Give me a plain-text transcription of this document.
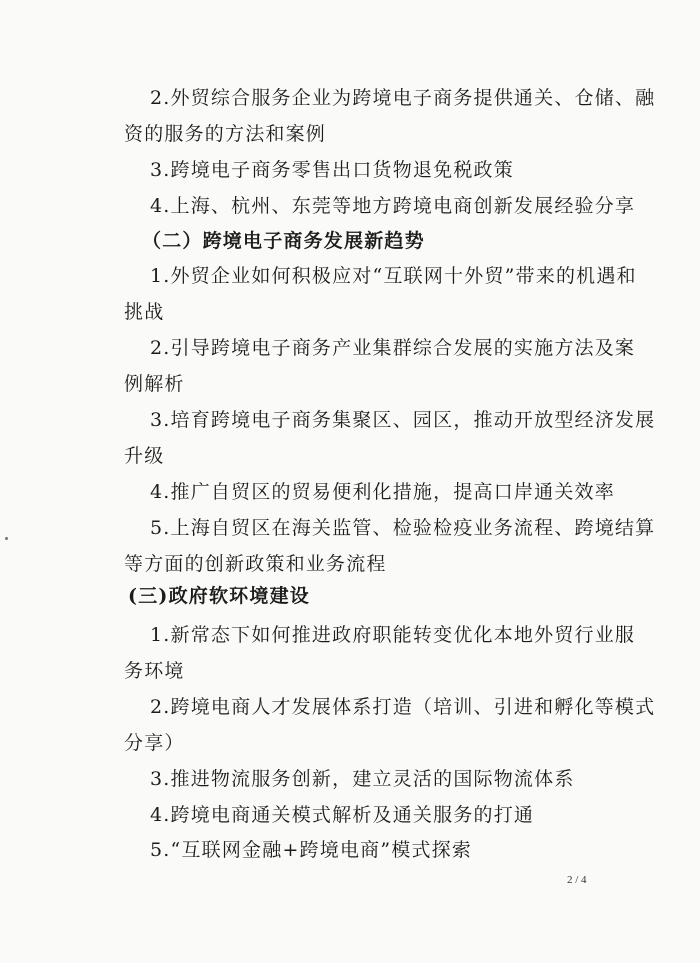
2.外贸综合服务企业为跨境电子商务提供通关、仓储、融
资的服务的方法和案例
3.跨境电子商务零售出口货物退免税政策
4.上海、杭州、东莞等地方跨境电商创新发展经验分享
（二）跨境电子商务发展新趋势
1.外贸企业如何积极应对“互联网十外贸”带来的机遇和
挑战
2.引导跨境电子商务产业集群综合发展的实施方法及案
例解析
3.培育跨境电子商务集聚区、园区，推动开放型经济发展
升级
4.推广自贸区的贸易便利化措施，提高口岸通关效率
5.上海自贸区在海关监管、检验检疫业务流程、跨境结算
等方面的创新政策和业务流程
(三)政府软环境建设
1.新常态下如何推进政府职能转变优化本地外贸行业服
务环境
2.跨境电商人才发展体系打造（培训、引进和孵化等模式
分享）
3.推进物流服务创新，建立灵活的国际物流体系
4.跨境电商通关模式解析及通关服务的打通
5.“互联网金融+跨境电商”模式探索
2 / 4
